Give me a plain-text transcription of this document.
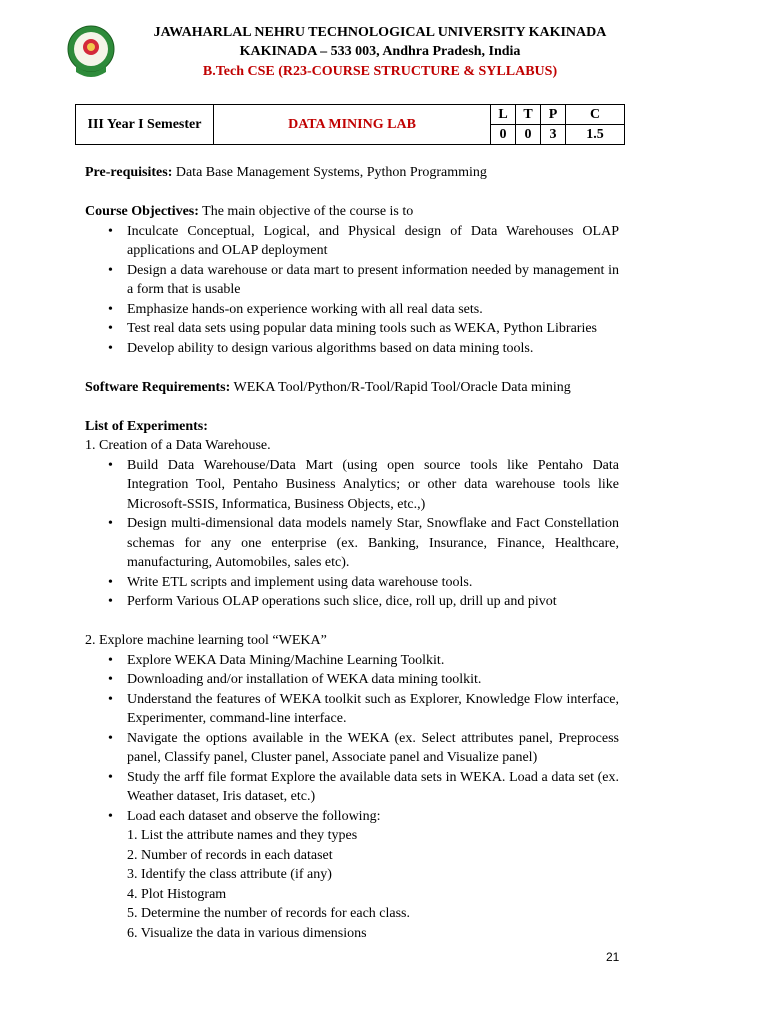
JAWAHARLAL NEHRU TECHNOLOGICAL UNIVERSITY KAKINADA
KAKINADA – 533 003, Andhra Pradesh, India
B.Tech CSE (R23-COURSE STRUCTURE & SYLLABUS)
III Year I Semester	DATA MINING LAB	L	T	P	C
		0	0	3	1.5

Pre-requisites: Data Base Management Systems, Python Programming

Course Objectives: The main objective of the course is to

• Inculcate Conceptual, Logical, and Physical design of Data Warehouses OLAP applications and OLAP deployment
• Design a data warehouse or data mart to present information needed by management in a form that is usable
• Emphasize hands-on experience working with all real data sets.
• Test real data sets using popular data mining tools such as WEKA, Python Libraries
• Develop ability to design various algorithms based on data mining tools.

Software Requirements: WEKA Tool/Python/R-Tool/Rapid Tool/Oracle Data mining

List of Experiments:

1. Creation of a Data Warehouse.

• Build Data Warehouse/Data Mart (using open source tools like Pentaho Data Integration Tool, Pentaho Business Analytics; or other data warehouse tools like Microsoft-SSIS, Informatica, Business Objects, etc.,)
• Design multi-dimensional data models namely Star, Snowflake and Fact Constellation schemas for any one enterprise (ex. Banking, Insurance, Finance, Healthcare, manufacturing, Automobiles, sales etc).
• Write ETL scripts and implement using data warehouse tools.
• Perform Various OLAP operations such slice, dice, roll up, drill up and pivot

2. Explore machine learning tool “WEKA”

• Explore WEKA Data Mining/Machine Learning Toolkit.
• Downloading and/or installation of WEKA data mining toolkit.
• Understand the features of WEKA toolkit such as Explorer, Knowledge Flow interface, Experimenter, command-line interface.
• Navigate the options available in the WEKA (ex. Select attributes panel, Preprocess panel, Classify panel, Cluster panel, Associate panel and Visualize panel)
• Study the arff file format Explore the available data sets in WEKA. Load a data set (ex. Weather dataset, Iris dataset, etc.)
• Load each dataset and observe the following:

1. List the attribute names and they types

2. Number of records in each dataset

3. Identify the class attribute (if any)

4. Plot Histogram

5. Determine the number of records for each class.

6. Visualize the data in various dimensions

21
